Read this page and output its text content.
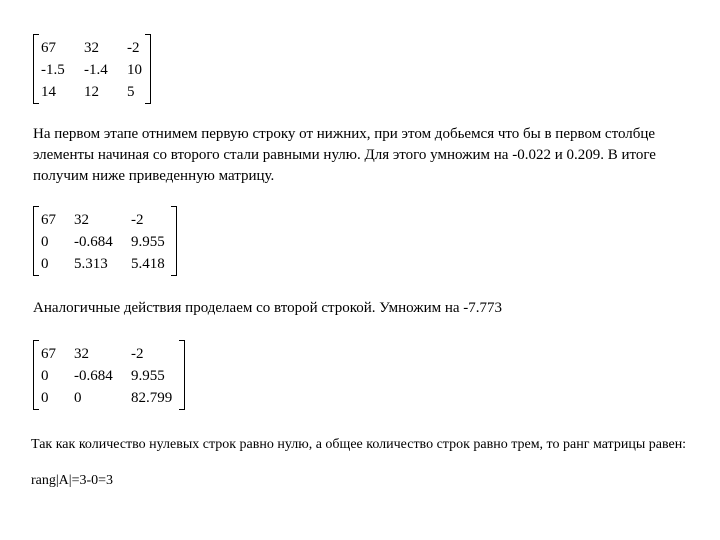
67	32	-2
-1.5	-1.4	10
14	12	5

На первом этапе отнимем первую строку от нижних, при этом добьемся что бы в первом столбце элементы начиная со второго стали равными нулю. Для этого умножим на -0.022 и 0.209. В итоге получим ниже приведенную матрицу.

67	32	-2
0	-0.684	9.955
0	5.313	5.418

Аналогичные действия проделаем со второй строкой. Умножим на -7.773

67	32	-2
0	-0.684	9.955
0	0	82.799

Так как количество нулевых строк равно нулю, а общее количество строк равно трем, то ранг матрицы равен:

rang|A|=3-0=3
